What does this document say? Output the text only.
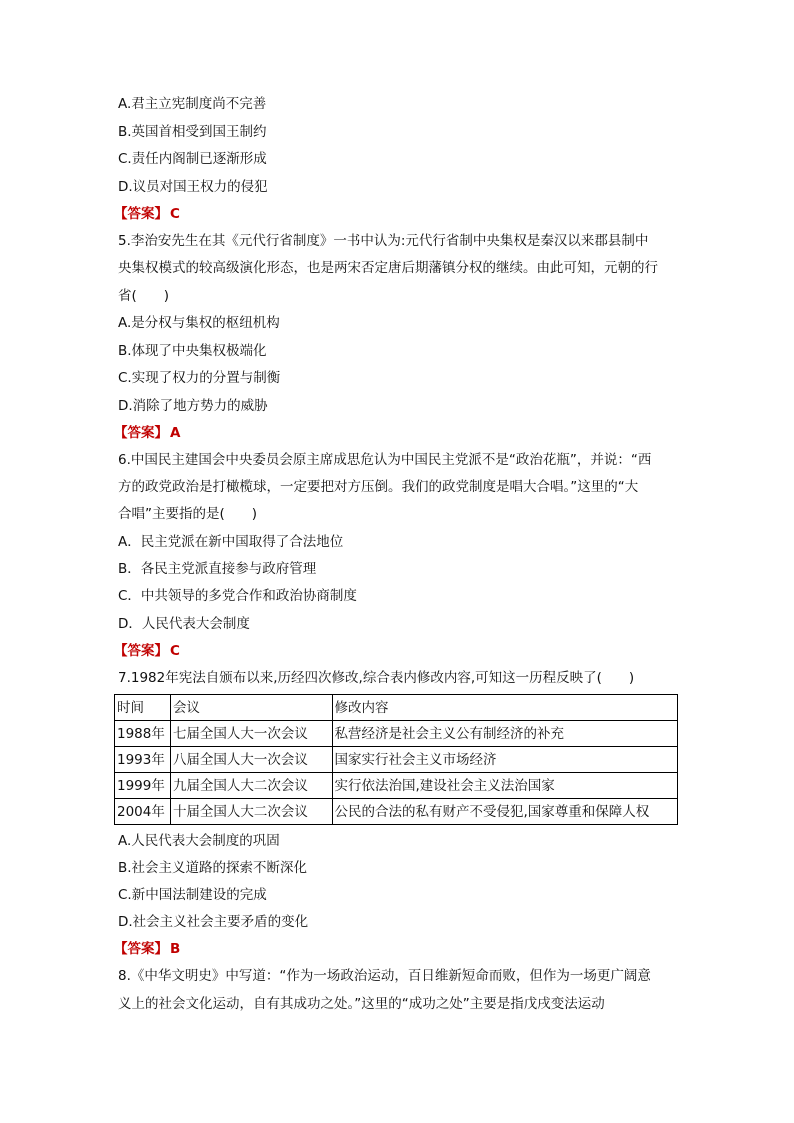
A.君主立宪制度尚不完善
B.英国首相受到国王制约
C.责任内阁制已逐渐形成
D.议员对国王权力的侵犯
【答案】 C
5.李治安先生在其《元代行省制度》一书中认为:元代行省制中央集权是秦汉以来郡县制中
央集权模式的较高级演化形态，也是两宋否定唐后期藩镇分权的继续。由此可知，元朝的行
省(　　)
A.是分权与集权的枢纽机构
B.体现了中央集权极端化
C.实现了权力的分置与制衡
D.消除了地方势力的威胁
【答案】 A
6.中国民主建国会中央委员会原主席成思危认为中国民主党派不是“政治花瓶”，并说：“西
方的政党政治是打橄榄球，一定要把对方压倒。我们的政党制度是唱大合唱。”这里的“大
合唱”主要指的是(　　)
A．民主党派在新中国取得了合法地位
B．各民主党派直接参与政府管理
C．中共领导的多党合作和政治协商制度
D．人民代表大会制度
【答案】 C
7.1982年宪法自颁布以来,历经四次修改,综合表内修改内容,可知这一历程反映了(　　)
时间	会议	修改内容
1988年	七届全国人大一次会议	私营经济是社会主义公有制经济的补充
1993年	八届全国人大一次会议	国家实行社会主义市场经济
1999年	九届全国人大二次会议	实行依法治国,建设社会主义法治国家
2004年	十届全国人大二次会议	公民的合法的私有财产不受侵犯,国家尊重和保障人权
A.人民代表大会制度的巩固
B.社会主义道路的探索不断深化
C.新中国法制建设的完成
D.社会主义社会主要矛盾的变化
【答案】 B
8.《中华文明史》中写道：“作为一场政治运动，百日维新短命而败，但作为一场更广阔意
义上的社会文化运动，自有其成功之处。”这里的“成功之处”主要是指戊戌变法运动
